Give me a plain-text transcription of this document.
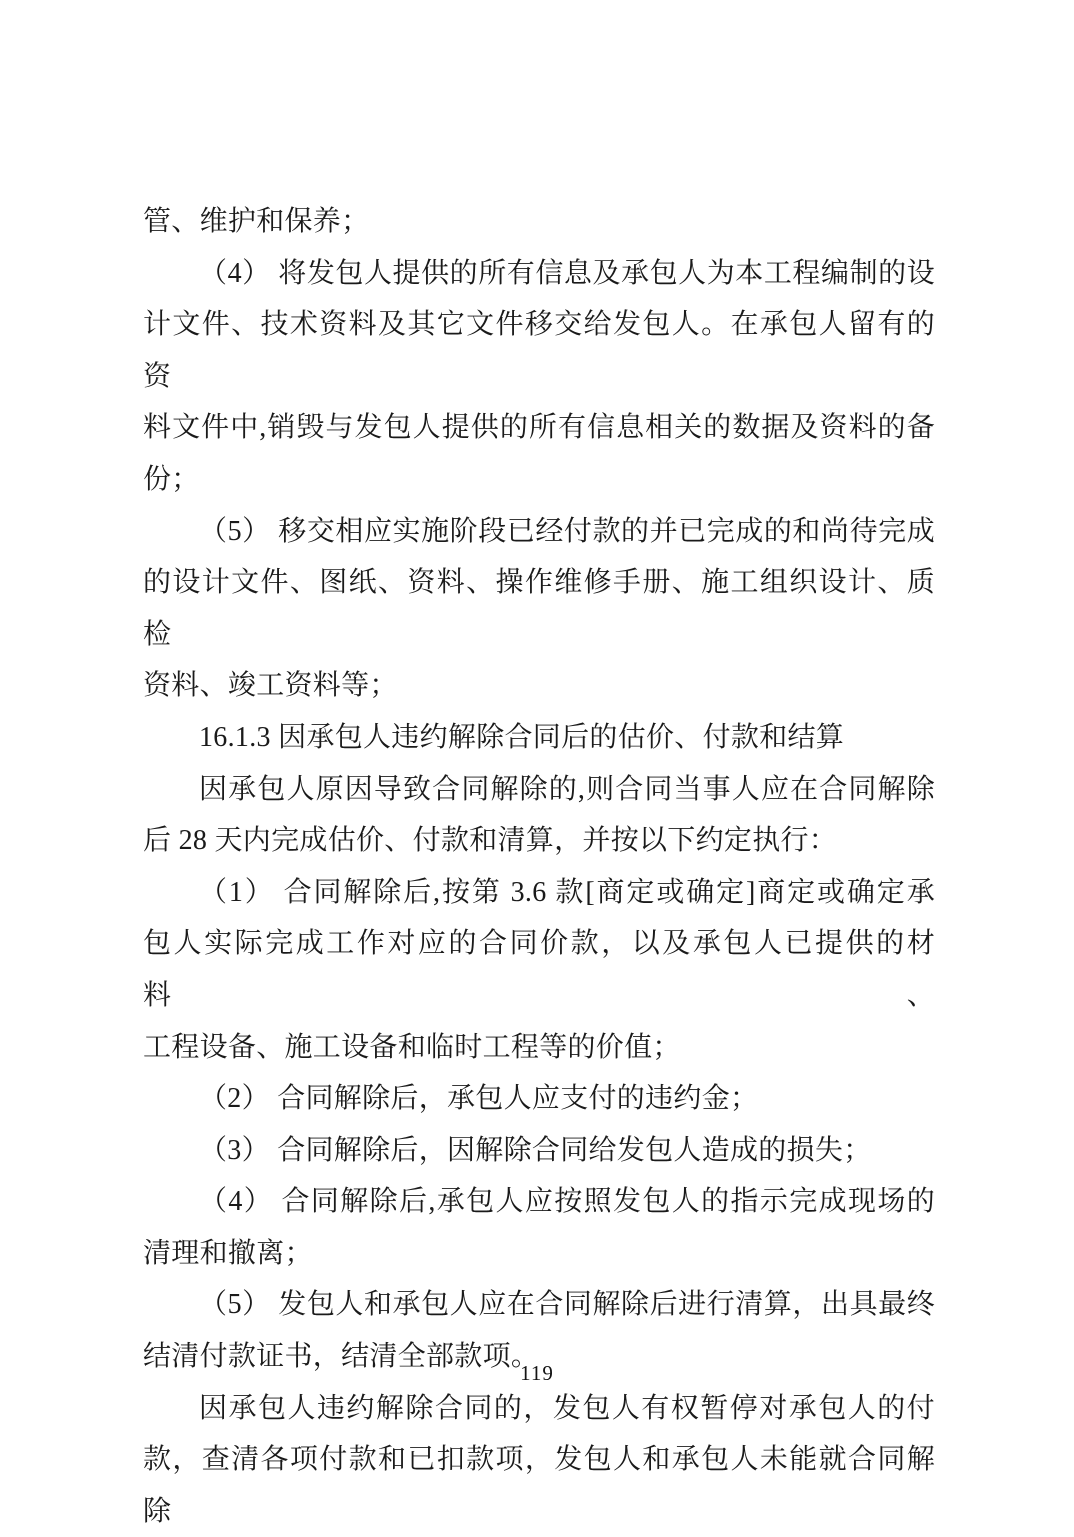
管、维护和保养；
（4） 将发包人提供的所有信息及承包人为本工程编制的设
计文件、技术资料及其它文件移交给发包人。在承包人留有的资
料文件中,销毁与发包人提供的所有信息相关的数据及资料的备
份；
（5） 移交相应实施阶段已经付款的并已完成的和尚待完成
的设计文件、图纸、资料、操作维修手册、施工组织设计、质检
资料、竣工资料等；
16.1.3 因承包人违约解除合同后的估价、付款和结算
因承包人原因导致合同解除的,则合同当事人应在合同解除
后 28 天内完成估价、付款和清算，并按以下约定执行：
（1） 合同解除后,按第 3.6 款[商定或确定]商定或确定承
包人实际完成工作对应的合同价款，以及承包人已提供的材料、
工程设备、施工设备和临时工程等的价值；
（2） 合同解除后，承包人应支付的违约金；
（3） 合同解除后，因解除合同给发包人造成的损失；
（4） 合同解除后,承包人应按照发包人的指示完成现场的
清理和撤离；
（5） 发包人和承包人应在合同解除后进行清算，出具最终
结清付款证书，结清全部款项。
因承包人违约解除合同的，发包人有权暂停对承包人的付
款，查清各项付款和已扣款项，发包人和承包人未能就合同解除
119
